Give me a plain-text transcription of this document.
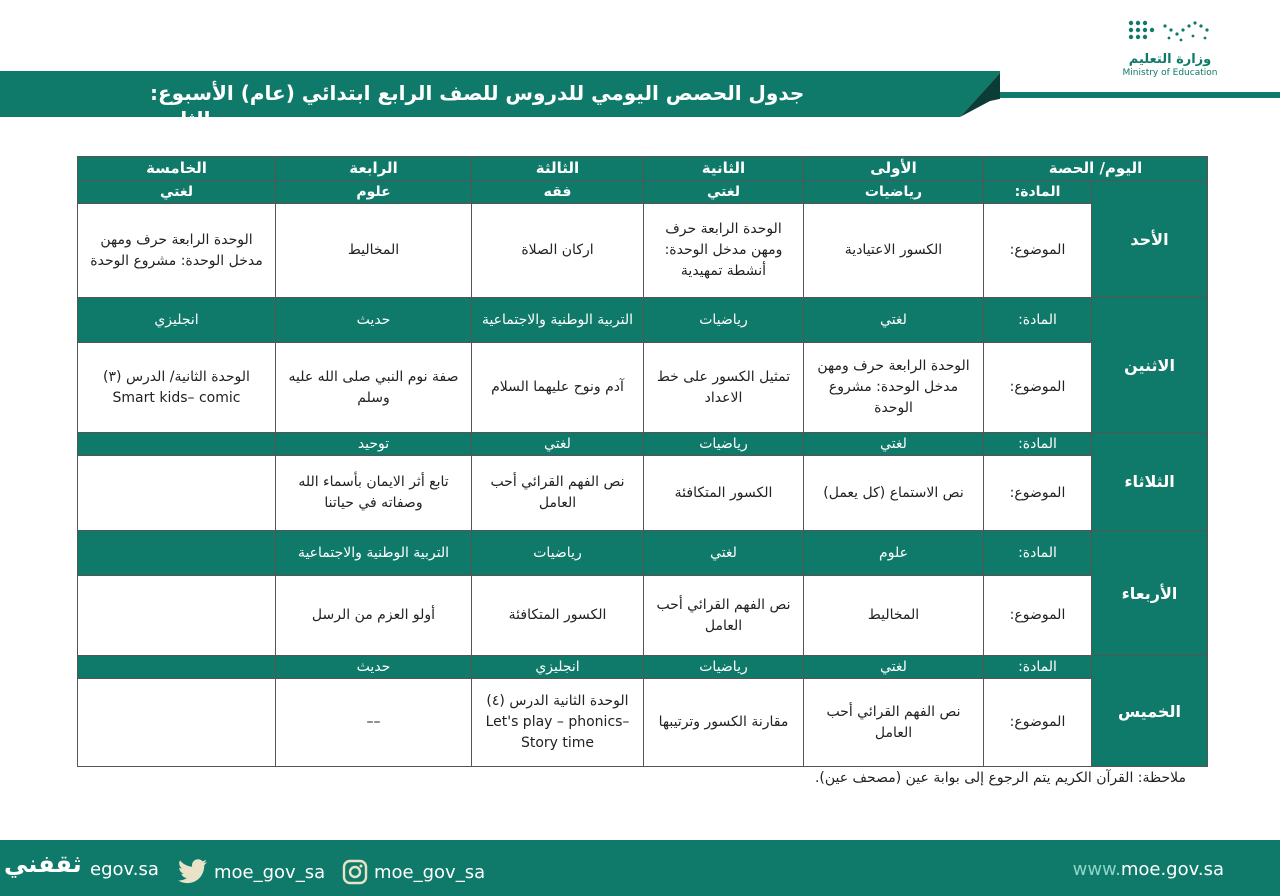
وزارة التعليم
Ministry of Education
جدول الحصص اليومي للدروس للصف الرابع ابتدائي (عام) الأسبوع: الثامن
اليوم/ الحصة		الأولى	الثانية	الثالثة	الرابعة	الخامسة
الأحد	المادة:	رياضيات	لغتي	فقه	علوم	لغتي
	الموضوع:	الكسور الاعتيادية	الوحدة الرابعة حرف ومهن مدخل الوحدة: أنشطة تمهيدية	اركان الصلاة	المخاليط	الوحدة الرابعة حرف ومهن مدخل الوحدة: مشروع الوحدة
الاثنين	المادة:	لغتي	رياضيات	التربية الوطنية والاجتماعية	حديث	انجليزي
	الموضوع:	الوحدة الرابعة حرف ومهن مدخل الوحدة: مشروع الوحدة	تمثيل الكسور على خط الاعداد	آدم ونوح عليهما السلام	صفة نوم النبي صلى الله عليه وسلم	الوحدة الثانية/ الدرس (٣) Smart kids– comic
الثلاثاء	المادة:	لغتي	رياضيات	لغتي	توحيد	
	الموضوع:	نص الاستماع (كل يعمل)	الكسور المتكافئة	نص الفهم القرائي أحب العامل	تابع أثر الايمان بأسماء الله وصفاته في حياتنا	
الأربعاء	المادة:	علوم	لغتي	رياضيات	التربية الوطنية والاجتماعية	
	الموضوع:	المخاليط	نص الفهم القرائي أحب العامل	الكسور المتكافئة	أولو العزم من الرسل	
الخميس	المادة:	لغتي	رياضيات	انجليزي	حديث	
	الموضوع:	نص الفهم القرائي أحب العامل	مقارنة الكسور وترتيبها	الوحدة الثانية الدرس (٤) Let's play – phonics– Story time	––	
ملاحظة: القرآن الكريم يتم الرجوع إلى بوابة عين (مصحف عين).
www.moe.gov.sa
moe_gov_sa
moe_gov_sa
egov.sa
ثقفني
